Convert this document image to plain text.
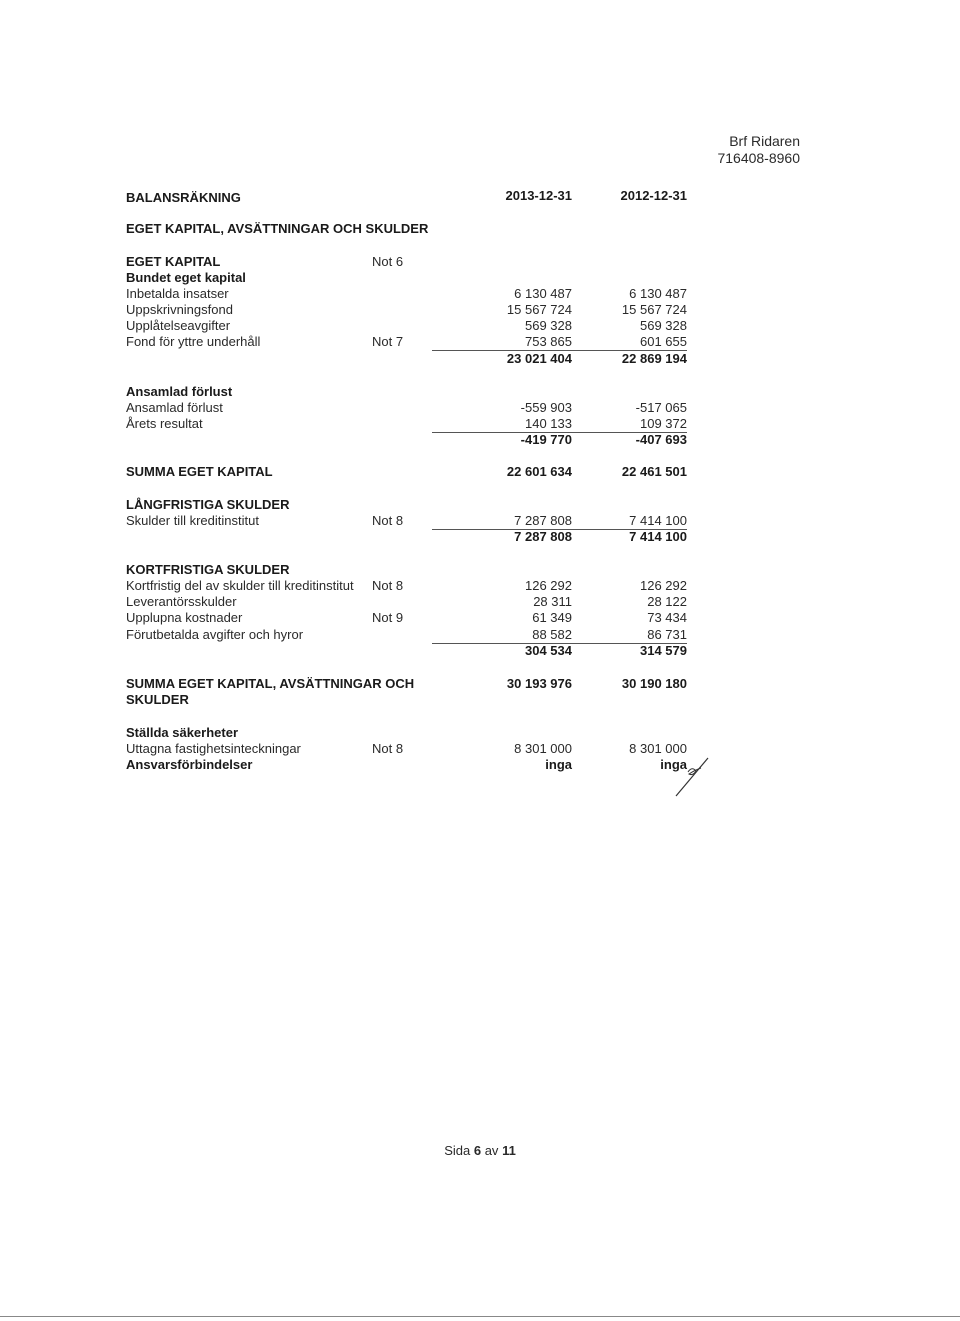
Brf Ridaren
716408-8960
BALANSRÄKNING	2013-12-31	2012-12-31
EGET KAPITAL, AVSÄTTNINGAR OCH SKULDER
EGET KAPITAL	Not 6
Bundet eget kapital
Inbetalda insatser	6 130 487	6 130 487
Uppskrivningsfond	15 567 724	15 567 724
Upplåtelseavgifter	569 328	569 328
Fond för yttre underhåll	Not 7	753 865	601 655
23 021 404	22 869 194
Ansamlad förlust
Ansamlad förlust	-559 903	-517 065
Årets resultat	140 133	109 372
-419 770	-407 693
SUMMA EGET KAPITAL	22 601 634	22 461 501
LÅNGFRISTIGA SKULDER
Skulder till kreditinstitut	Not 8	7 287 808	7 414 100
7 287 808	7 414 100
KORTFRISTIGA SKULDER
Kortfristig del av skulder till kreditinstitut Not 8	126 292	126 292
Leverantörsskulder	28 311	28 122
Upplupna kostnader	Not 9	61 349	73 434
Förutbetalda avgifter och hyror	88 582	86 731
304 534	314 579
SUMMA EGET KAPITAL, AVSÄTTNINGAR OCH
SKULDER
30 193 976	30 190 180
Ställda säkerheter
Uttagna fastighetsinteckningar	Not 8	8 301 000	8 301 000
Ansvarsförbindelser	inga	inga
Sida 6 av 11
